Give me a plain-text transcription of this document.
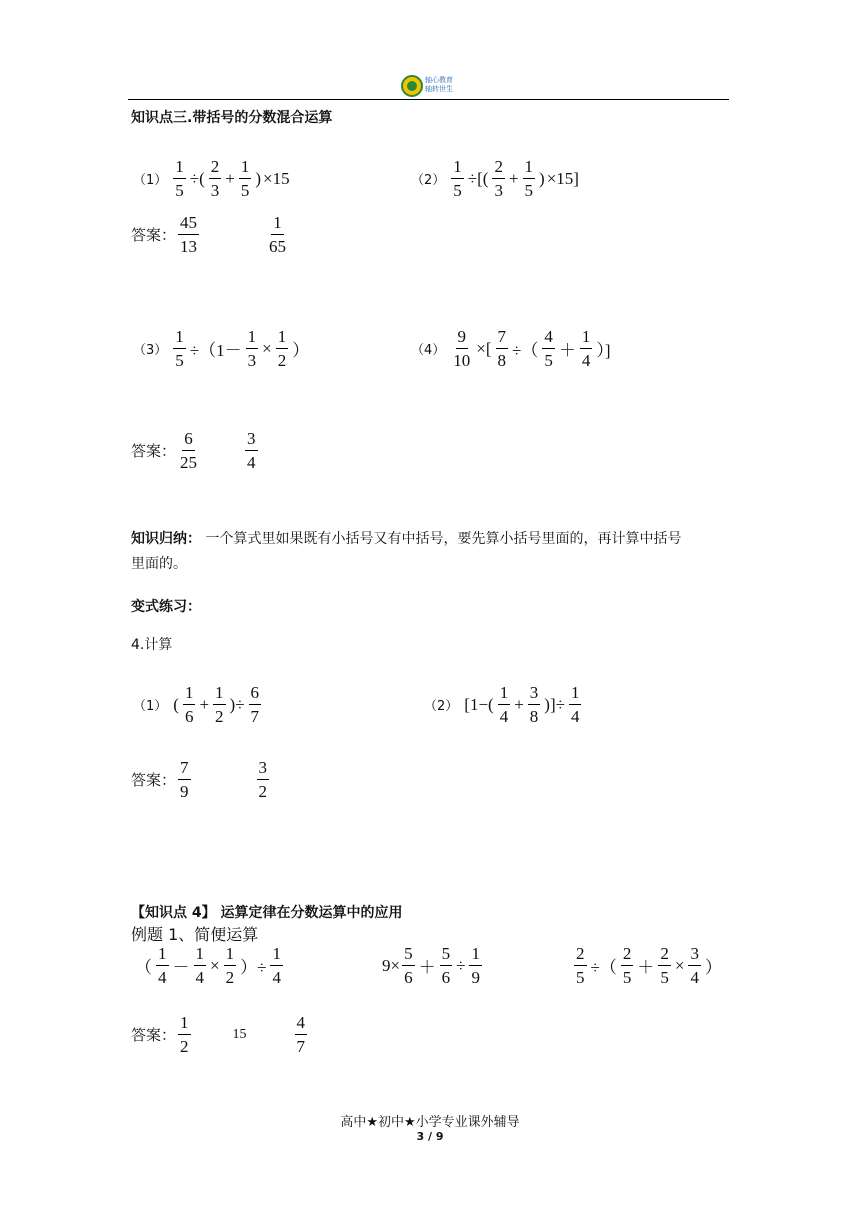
轴心教育
轴转世生
知识点三.带括号的分数混合运算
$(1) \frac{1}{5}$ ÷( $\frac{2}{3} + \frac{1}{5}$ ) ×15	$(2) \frac{1}{5}$ ÷[( $\frac{2}{3} + \frac{1}{5}$ ) ×15]
答案： $\frac{45}{13}$	$\frac{1}{65}$
$(3) \frac{1}{5} \div(1- \frac{1}{3} \times \frac{1}{2}$ ）	$(4) \frac{9}{10}$ ×[ $\frac{7}{8}$ ÷（ $\frac{4}{5} + \frac{1}{4}$ ）]
答案： $\frac{6}{25}$	$\frac{3}{4}$
知识归纳： 一个算式里如果既有小括号又有中括号，要先算小括号里面的，再计算中括号
里面的。
变式练习：
4.计算
（1） ( $\frac{1}{6} + \frac{1}{2}$ )÷ $\frac{6}{7}$	（2） [$1-( \frac{1}{4} + \frac{3}{8}$ )]÷ $\frac{1}{4}$
答案： $\frac{7}{9}$	$\frac{3}{2}$
【知识点 4】 运算定律在分数运算中的应用
例题 1、简便运算
（ $\frac{1}{4} - \frac{1}{4} \times \frac{1}{2}$ ）÷ $\frac{1}{4}$	$9\times \frac{5}{6} + \frac{5}{6} \div \frac{1}{9}$	$\frac{2}{5}$ ÷（ $\frac{2}{5} + \frac{2}{5} \times \frac{3}{4}$ ）
答案： $\frac{1}{2}$	15	$\frac{4}{7}$
高中★初中★小学专业课外辅导
3 / 9
